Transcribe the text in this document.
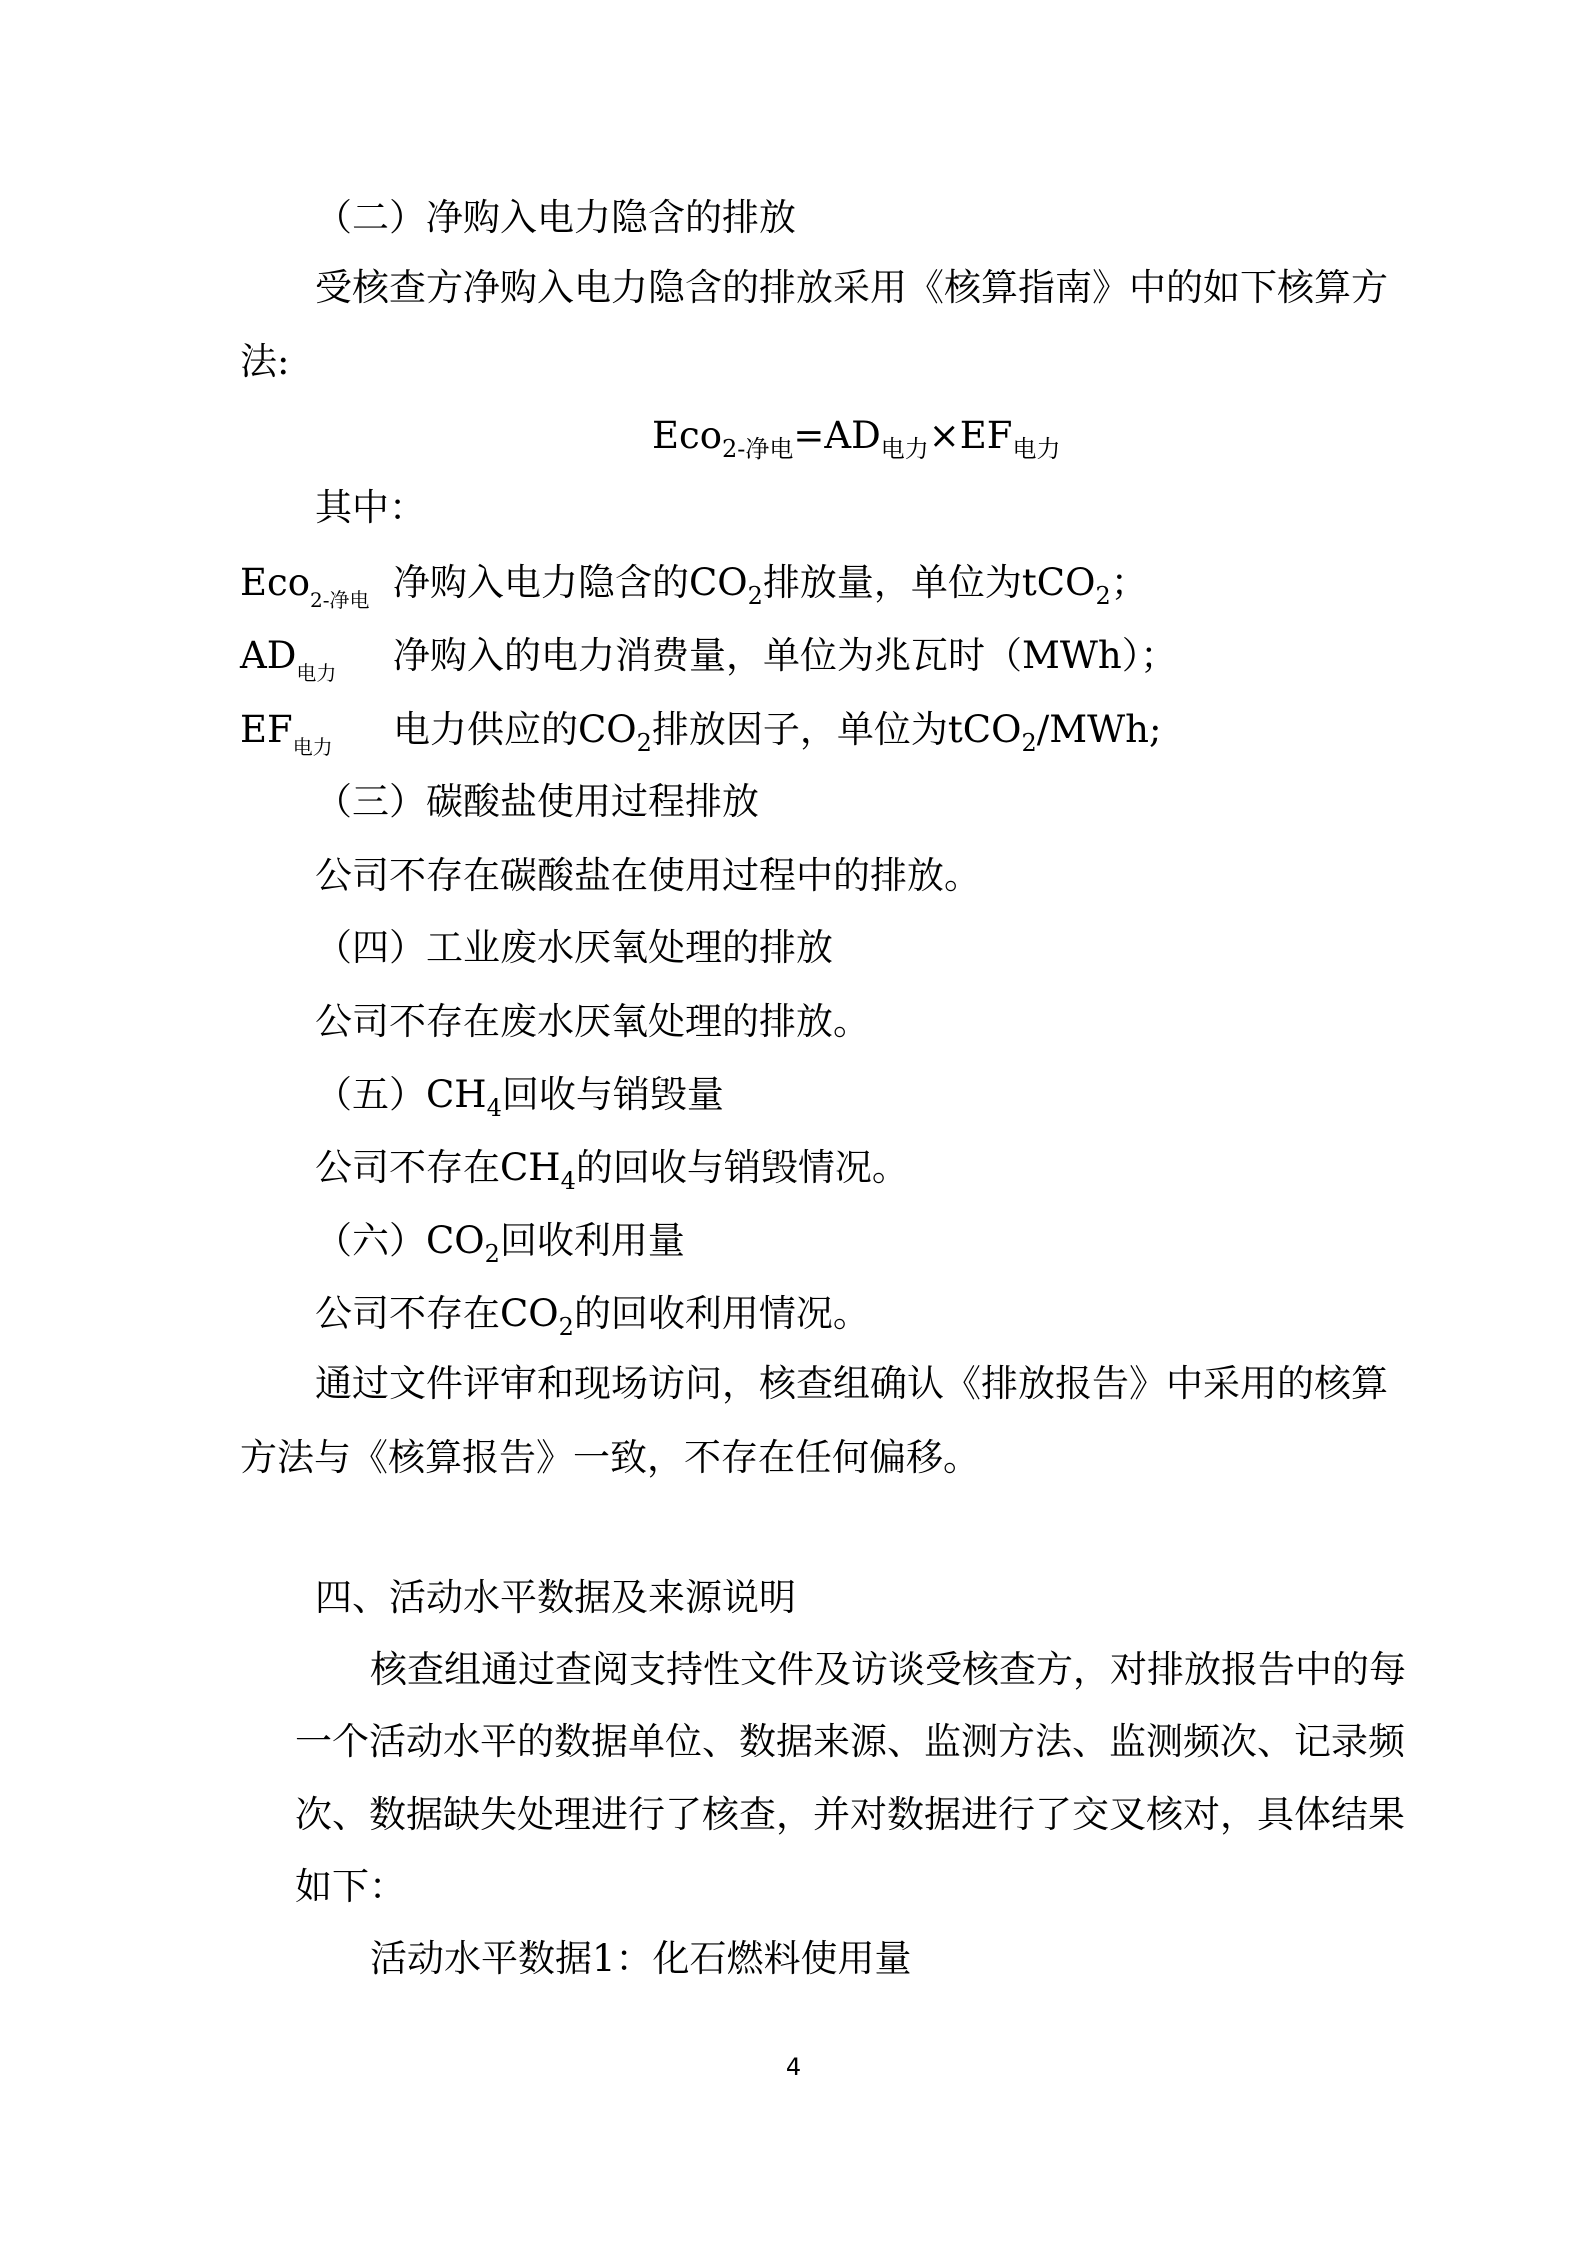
（二）净购入电力隐含的排放
受核查方净购入电力隐含的排放采用《核算指南》中的如下核算方
法:
$Eco_{2-净电}=AD_{电力}\times EF_{电力}$
其中：
Eco$_{2-净电}$ 净购入电力隐含的$CO_2$排放量，单位为tCO$_2$；
$AD_{电力}$ 净购入的电力消费量，单位为兆瓦时（MWh）；
$EF_{电力}$ 电力供应的$CO_2$排放因子，单位为tCO$_2$/MWh;
（三）碳酸盐使用过程排放
公司不存在碳酸盐在使用过程中的排放。
（四）工业废水厌氧处理的排放
公司不存在废水厌氧处理的排放。
（五）$CH_4$回收与销毁量
公司不存在$CH_4$的回收与销毁情况。
（六）$CO_2$回收利用量
公司不存在$CO_2$的回收利用情况。
通过文件评审和现场访问，核查组确认《排放报告》中采用的核算
方法与《核算报告》一致，不存在任何偏移。
四、活动水平数据及来源说明
核查组通过查阅支持性文件及访谈受核查方，对排放报告中的每
一个活动水平的数据单位、数据来源、监测方法、监测频次、记录频
次、数据缺失处理进行了核查，并对数据进行了交叉核对，具体结果
如下：
活动水平数据1：化石燃料使用量
4
